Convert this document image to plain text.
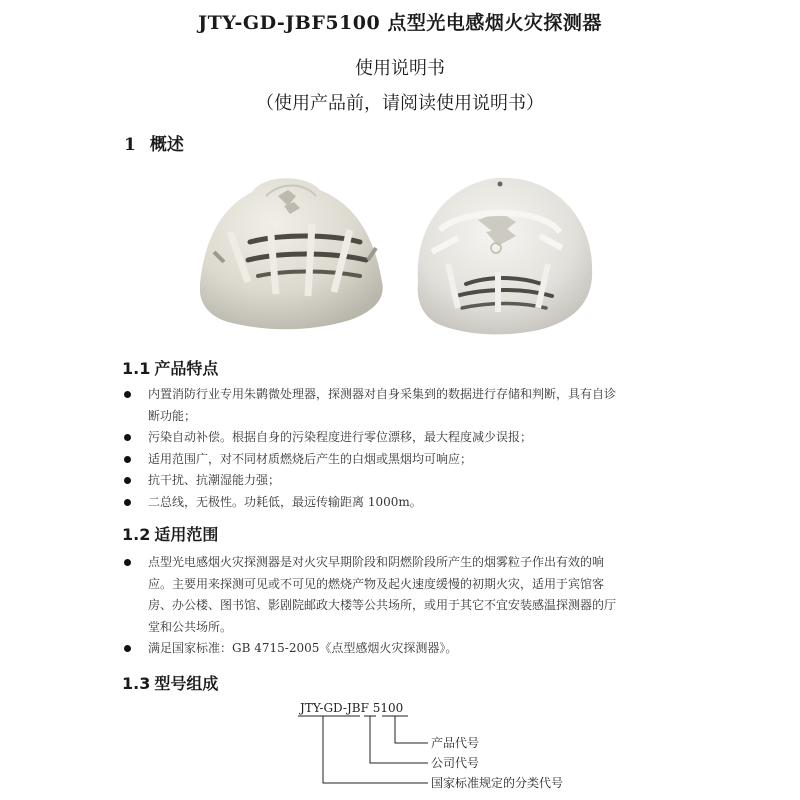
JTY-GD-JBF5100 点型光电感烟火灾探测器
使用说明书
（使用产品前，请阅读使用说明书）
1 概述
1.1 产品特点
内置消防行业专用朱鹮微处理器，探测器对自身采集到的数据进行存储和判断，具有自诊断功能；
污染自动补偿。根据自身的污染程度进行零位漂移，最大程度减少误报；
适用范围广，对不同材质燃烧后产生的白烟或黑烟均可响应；
抗干扰、抗潮湿能力强；
二总线，无极性。功耗低，最远传输距离 1000m。
1.2 适用范围
点型光电感烟火灾探测器是对火灾早期阶段和阴燃阶段所产生的烟雾粒子作出有效的响应。主要用来探测可见或不可见的燃烧产物及起火速度缓慢的初期火灾，适用于宾馆客房、办公楼、图书馆、影剧院邮政大楼等公共场所，或用于其它不宜安装感温探测器的厅堂和公共场所。
满足国家标准：GB 4715-2005《点型感烟火灾探测器》。
1.3 型号组成
JTY-GD-JBF 5100
产品代号
公司代号
国家标准规定的分类代号
